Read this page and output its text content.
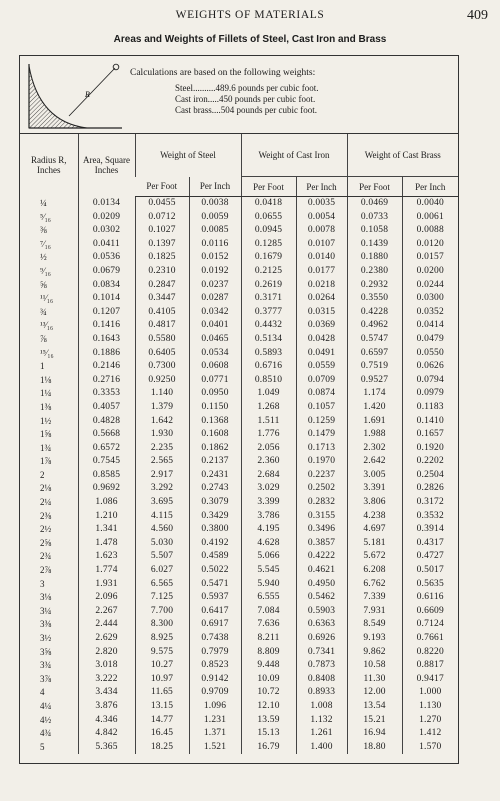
WEIGHTS OF MATERIALS	409
Areas and Weights of Fillets of Steel, Cast Iron and Brass
R
Calculations are based on the following weights:
Steel..........489.6 pounds per cubic foot.
Cast iron.....450 pounds per cubic foot.
Cast brass....504 pounds per cubic foot.
Radius R, Inches	Area, Square Inches	Weight of Steel		Weight of Cast Iron		Weight of Cast Brass	
		Per Foot	Per Inch	Per Foot	Per Inch	Per Foot	Per Inch
¼	0.0134	0.0455	0.0038	0.0418	0.0035	0.0469	0.0040
⁵⁄₁₆	0.0209	0.0712	0.0059	0.0655	0.0054	0.0733	0.0061
⅜	0.0302	0.1027	0.0085	0.0945	0.0078	0.1058	0.0088
⁷⁄₁₆	0.0411	0.1397	0.0116	0.1285	0.0107	0.1439	0.0120
½	0.0536	0.1825	0.0152	0.1679	0.0140	0.1880	0.0157
⁹⁄₁₆	0.0679	0.2310	0.0192	0.2125	0.0177	0.2380	0.0200
⅝	0.0834	0.2847	0.0237	0.2619	0.0218	0.2932	0.0244
¹¹⁄₁₆	0.1014	0.3447	0.0287	0.3171	0.0264	0.3550	0.0300
¾	0.1207	0.4105	0.0342	0.3777	0.0315	0.4228	0.0352
¹³⁄₁₆	0.1416	0.4817	0.0401	0.4432	0.0369	0.4962	0.0414
⅞	0.1643	0.5580	0.0465	0.5134	0.0428	0.5747	0.0479
¹⁵⁄₁₆	0.1886	0.6405	0.0534	0.5893	0.0491	0.6597	0.0550
1	0.2146	0.7300	0.0608	0.6716	0.0559	0.7519	0.0626
1⅛	0.2716	0.9250	0.0771	0.8510	0.0709	0.9527	0.0794
1¼	0.3353	1.140	0.0950	1.049	0.0874	1.174	0.0979
1⅜	0.4057	1.379	0.1150	1.268	0.1057	1.420	0.1183
1½	0.4828	1.642	0.1368	1.511	0.1259	1.691	0.1410
1⅝	0.5668	1.930	0.1608	1.776	0.1479	1.988	0.1657
1¾	0.6572	2.235	0.1862	2.056	0.1713	2.302	0.1920
1⅞	0.7545	2.565	0.2137	2.360	0.1970	2.642	0.2202
2	0.8585	2.917	0.2431	2.684	0.2237	3.005	0.2504
2⅛	0.9692	3.292	0.2743	3.029	0.2502	3.391	0.2826
2¼	1.086	3.695	0.3079	3.399	0.2832	3.806	0.3172
2⅜	1.210	4.115	0.3429	3.786	0.3155	4.238	0.3532
2½	1.341	4.560	0.3800	4.195	0.3496	4.697	0.3914
2⅝	1.478	5.030	0.4192	4.628	0.3857	5.181	0.4317
2¾	1.623	5.507	0.4589	5.066	0.4222	5.672	0.4727
2⅞	1.774	6.027	0.5022	5.545	0.4621	6.208	0.5017
3	1.931	6.565	0.5471	5.940	0.4950	6.762	0.5635
3⅛	2.096	7.125	0.5937	6.555	0.5462	7.339	0.6116
3¼	2.267	7.700	0.6417	7.084	0.5903	7.931	0.6609
3⅜	2.444	8.300	0.6917	7.636	0.6363	8.549	0.7124
3½	2.629	8.925	0.7438	8.211	0.6926	9.193	0.7661
3⅝	2.820	9.575	0.7979	8.809	0.7341	9.862	0.8220
3¾	3.018	10.27	0.8523	9.448	0.7873	10.58	0.8817
3⅞	3.222	10.97	0.9142	10.09	0.8408	11.30	0.9417
4	3.434	11.65	0.9709	10.72	0.8933	12.00	1.000
4¼	3.876	13.15	1.096	12.10	1.008	13.54	1.130
4½	4.346	14.77	1.231	13.59	1.132	15.21	1.270
4¾	4.842	16.45	1.371	15.13	1.261	16.94	1.412
5	5.365	18.25	1.521	16.79	1.400	18.80	1.570
